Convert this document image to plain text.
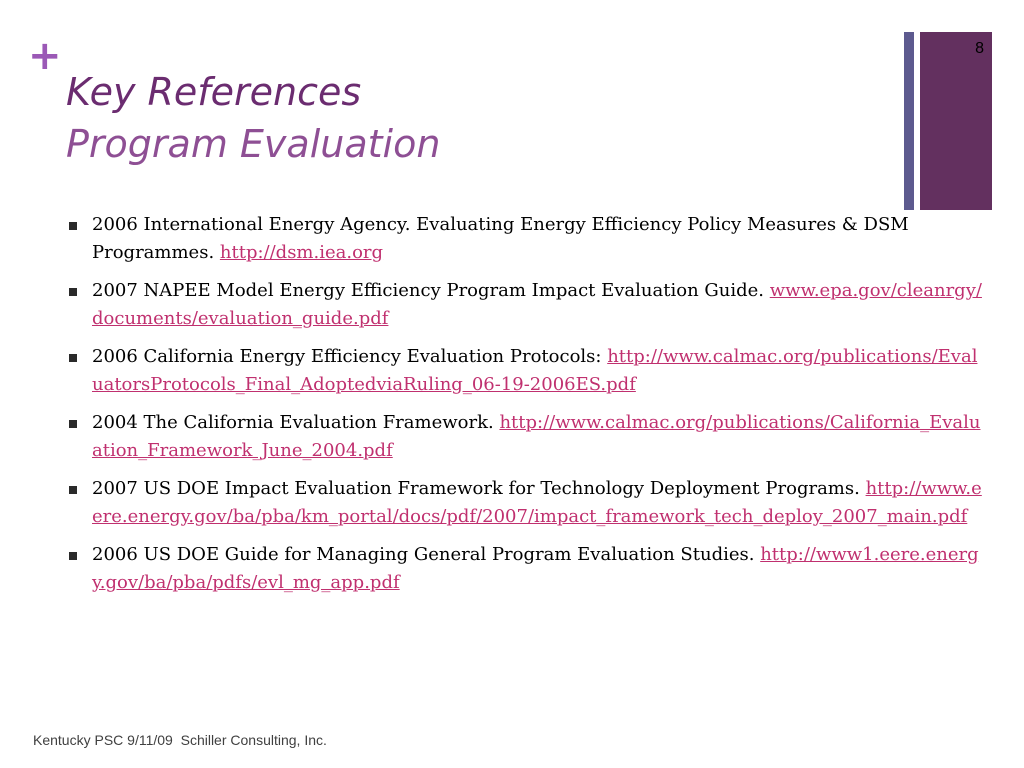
+
Key References
Program Evaluation
8
2006 International Energy Agency. Evaluating Energy Efficiency Policy Measures & DSM Programmes. http://dsm.iea.org
2007 NAPEE Model Energy Efficiency Program Impact Evaluation Guide. www.epa.gov/cleanrgy/documents/evaluation_guide.pdf
2006 California Energy Efficiency Evaluation Protocols: http://www.calmac.org/publications/EvaluatorsProtocols_Final_AdoptedviaRuling_06-19-2006ES.pdf
2004 The California Evaluation Framework. http://www.calmac.org/publications/California_Evaluation_Framework_June_2004.pdf
2007 US DOE Impact Evaluation Framework for Technology Deployment Programs. http://www.eere.energy.gov/ba/pba/km_portal/docs/pdf/2007/impact_framework_tech_deploy_2007_main.pdf
2006 US DOE Guide for Managing General Program Evaluation Studies. http://www1.eere.energy.gov/ba/pba/pdfs/evl_mg_app.pdf
Kentucky PSC 9/11/09  Schiller Consulting, Inc.
